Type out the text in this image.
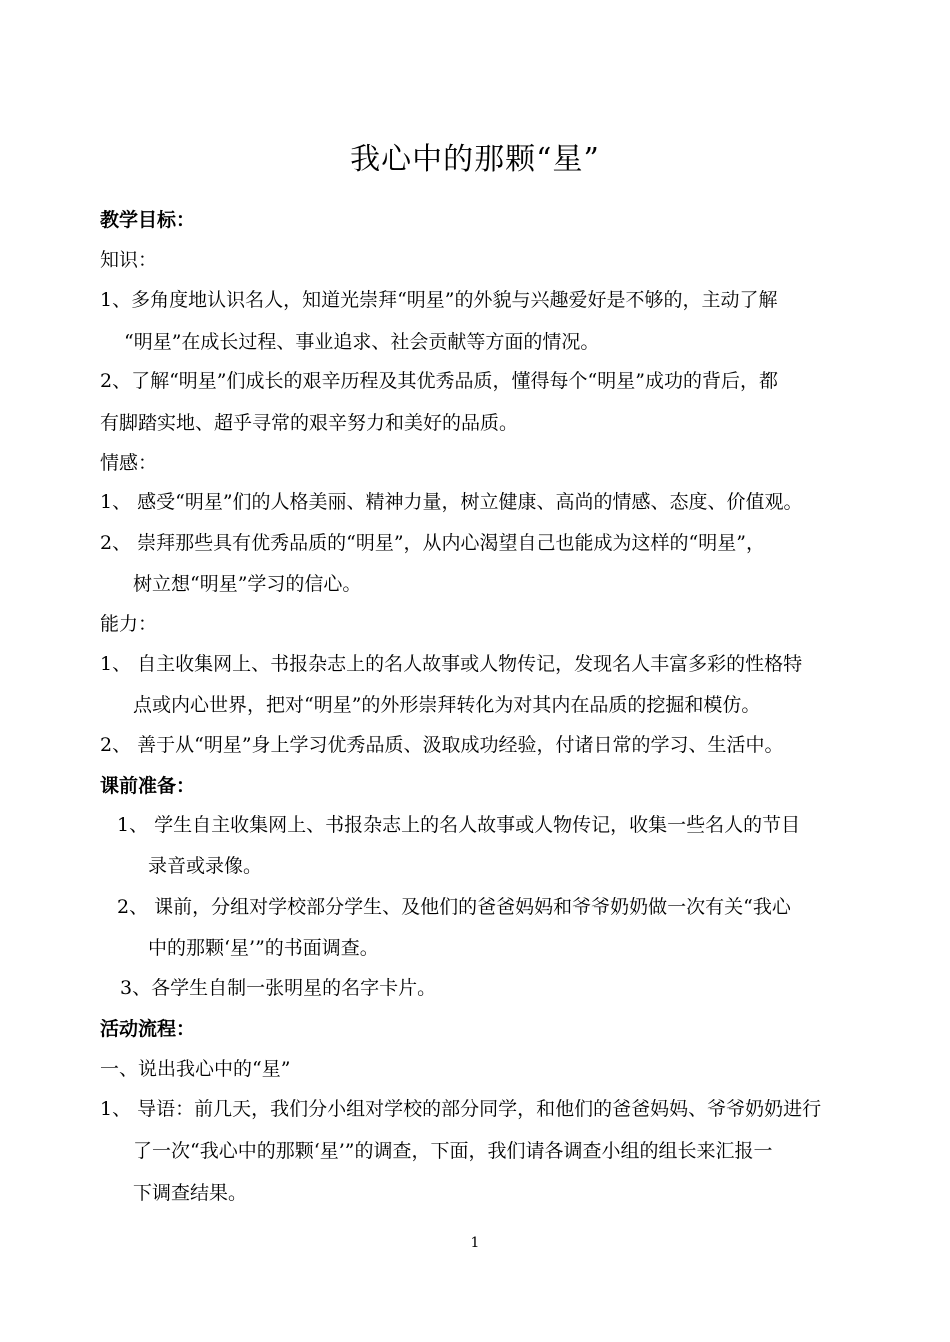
我心中的那颗“星”
教学目标：
知识：
1、多角度地认识名人，知道光崇拜“明星”的外貌与兴趣爱好是不够的，主动了解
“明星”在成长过程、事业追求、社会贡献等方面的情况。
2、了解“明星”们成长的艰辛历程及其优秀品质，懂得每个“明星”成功的背后，都
有脚踏实地、超乎寻常的艰辛努力和美好的品质。
情感：
1、 感受“明星”们的人格美丽、精神力量，树立健康、高尚的情感、态度、价值观。
2、 崇拜那些具有优秀品质的“明星”，从内心渴望自己也能成为这样的“明星”，
树立想“明星”学习的信心。
能力：
1、 自主收集网上、书报杂志上的名人故事或人物传记，发现名人丰富多彩的性格特
点或内心世界，把对“明星”的外形崇拜转化为对其内在品质的挖掘和模仿。
2、 善于从“明星”身上学习优秀品质、汲取成功经验，付诸日常的学习、生活中。
课前准备：
1、 学生自主收集网上、书报杂志上的名人故事或人物传记，收集一些名人的节目
录音或录像。
2、 课前，分组对学校部分学生、及他们的爸爸妈妈和爷爷奶奶做一次有关“我心
中的那颗‘星’”的书面调查。
3、各学生自制一张明星的名字卡片。
活动流程：
一、说出我心中的“星”
1、 导语：前几天，我们分小组对学校的部分同学，和他们的爸爸妈妈、爷爷奶奶进行
了一次“我心中的那颗‘星’”的调查，下面，我们请各调查小组的组长来汇报一
下调查结果。
1
